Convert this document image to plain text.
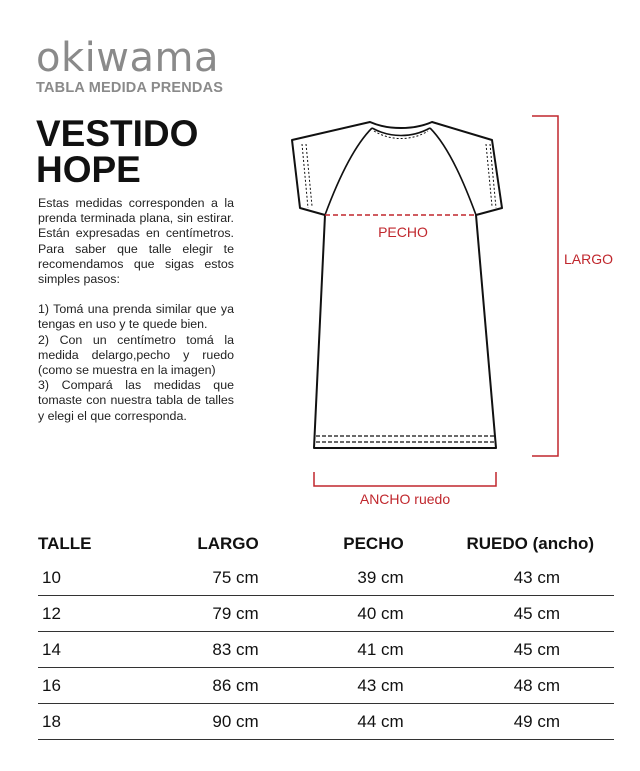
okiwama
TABLA MEDIDA PRENDAS
VESTIDO
HOPE

Estas medidas corresponden a la prenda terminada plana, sin estirar. Están expresadas en centímetros. Para saber que talle elegir te recomendamos que sigas estos simples pasos:

1) Tomá una prenda similar que ya tengas en uso y te quede bien.

2) Con un centímetro tomá la medida delargo,pecho y ruedo (como se muestra en la imagen)

3) Compará las medidas que tomaste con nuestra tabla de talles y elegi el que corresponda.

PECHO
LARGO
ANCHO ruedo
TALLE	LARGO	PECHO	RUEDO (ancho)
10	75 cm	39 cm	43 cm
12	79 cm	40 cm	45 cm
14	83 cm	41 cm	45 cm
16	86 cm	43 cm	48 cm
18	90 cm	44 cm	49 cm
